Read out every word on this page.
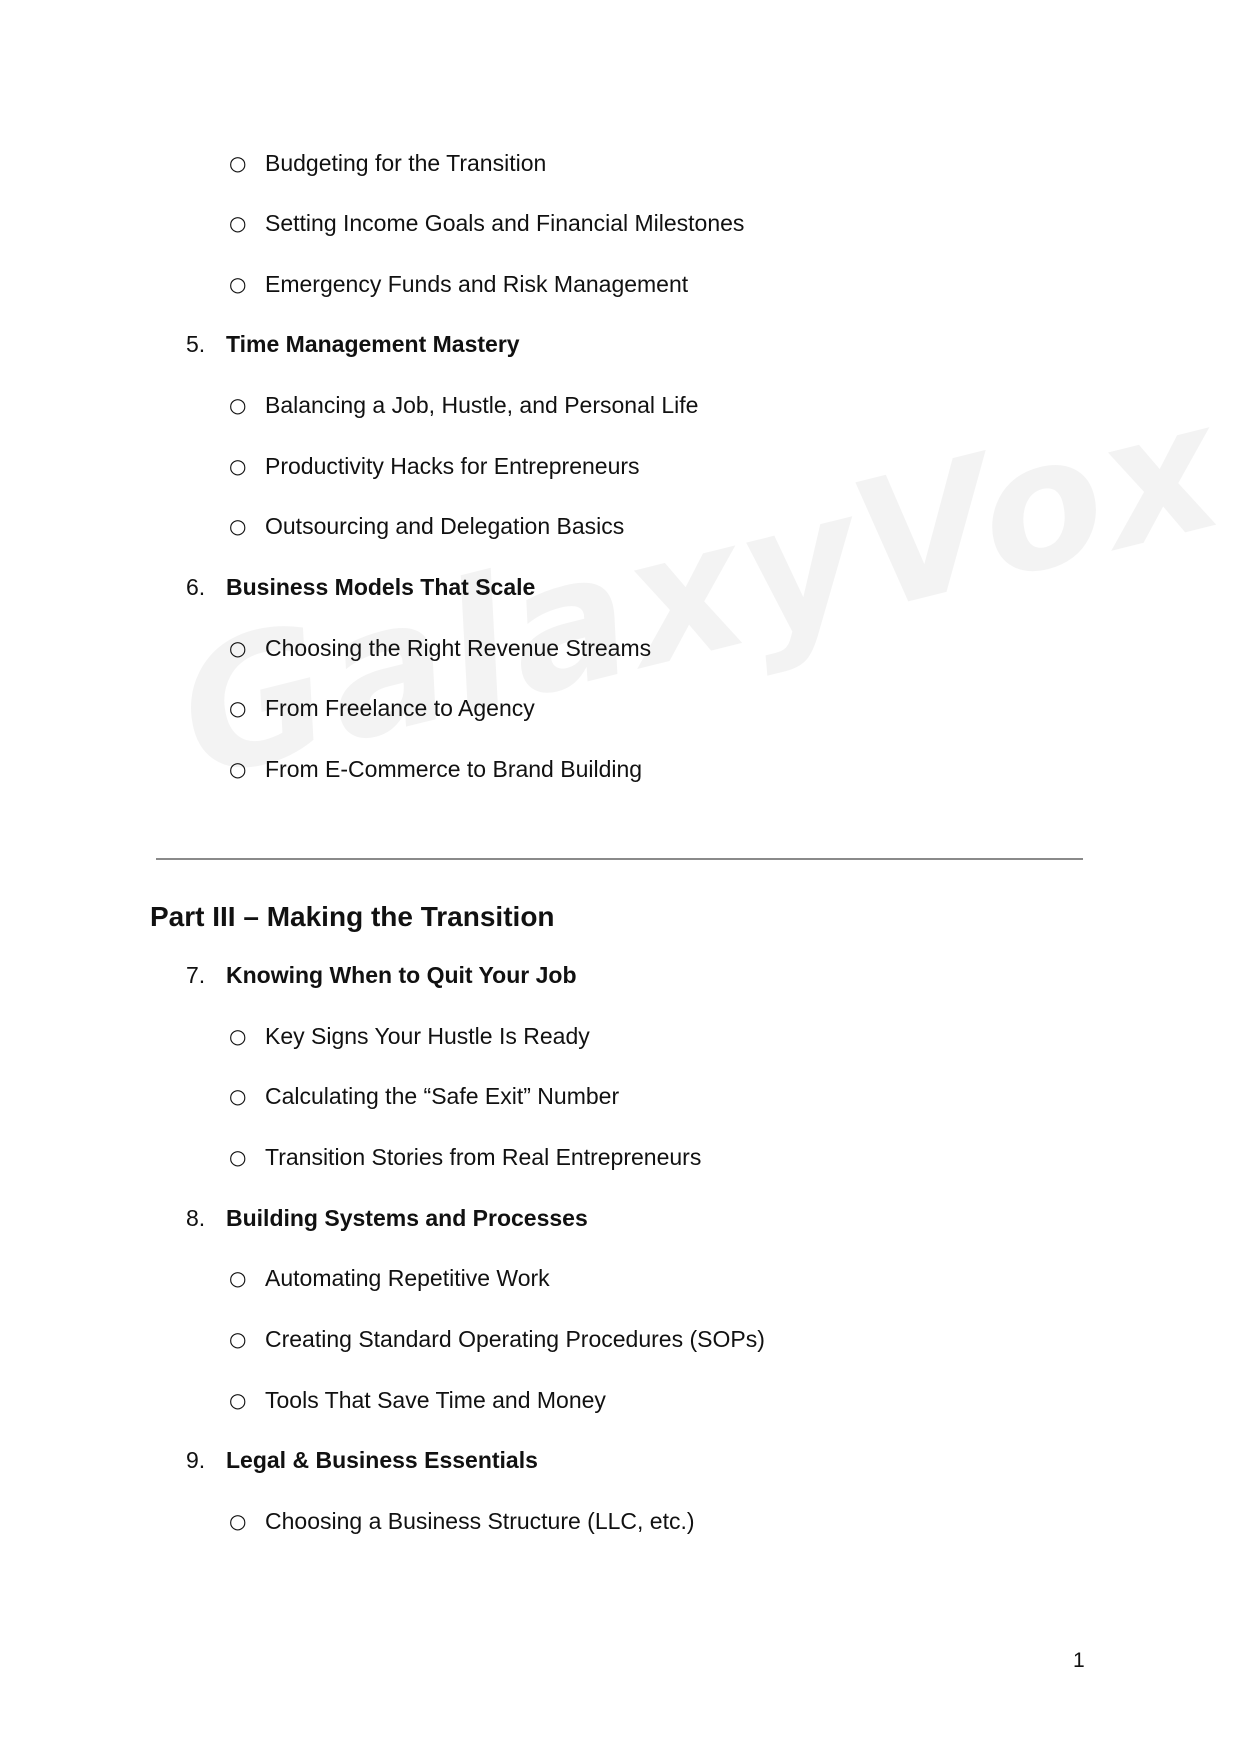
○ Budgeting for the Transition
○ Setting Income Goals and Financial Milestones
○ Emergency Funds and Risk Management
5. Time Management Mastery
○ Balancing a Job, Hustle, and Personal Life
○ Productivity Hacks for Entrepreneurs
○ Outsourcing and Delegation Basics
6. Business Models That Scale
○ Choosing the Right Revenue Streams
○ From Freelance to Agency
○ From E-Commerce to Brand Building
Part III – Making the Transition
7. Knowing When to Quit Your Job
○ Key Signs Your Hustle Is Ready
○ Calculating the “Safe Exit” Number
○ Transition Stories from Real Entrepreneurs
8. Building Systems and Processes
○ Automating Repetitive Work
○ Creating Standard Operating Procedures (SOPs)
○ Tools That Save Time and Money
9. Legal & Business Essentials
○ Choosing a Business Structure (LLC, etc.)
1
